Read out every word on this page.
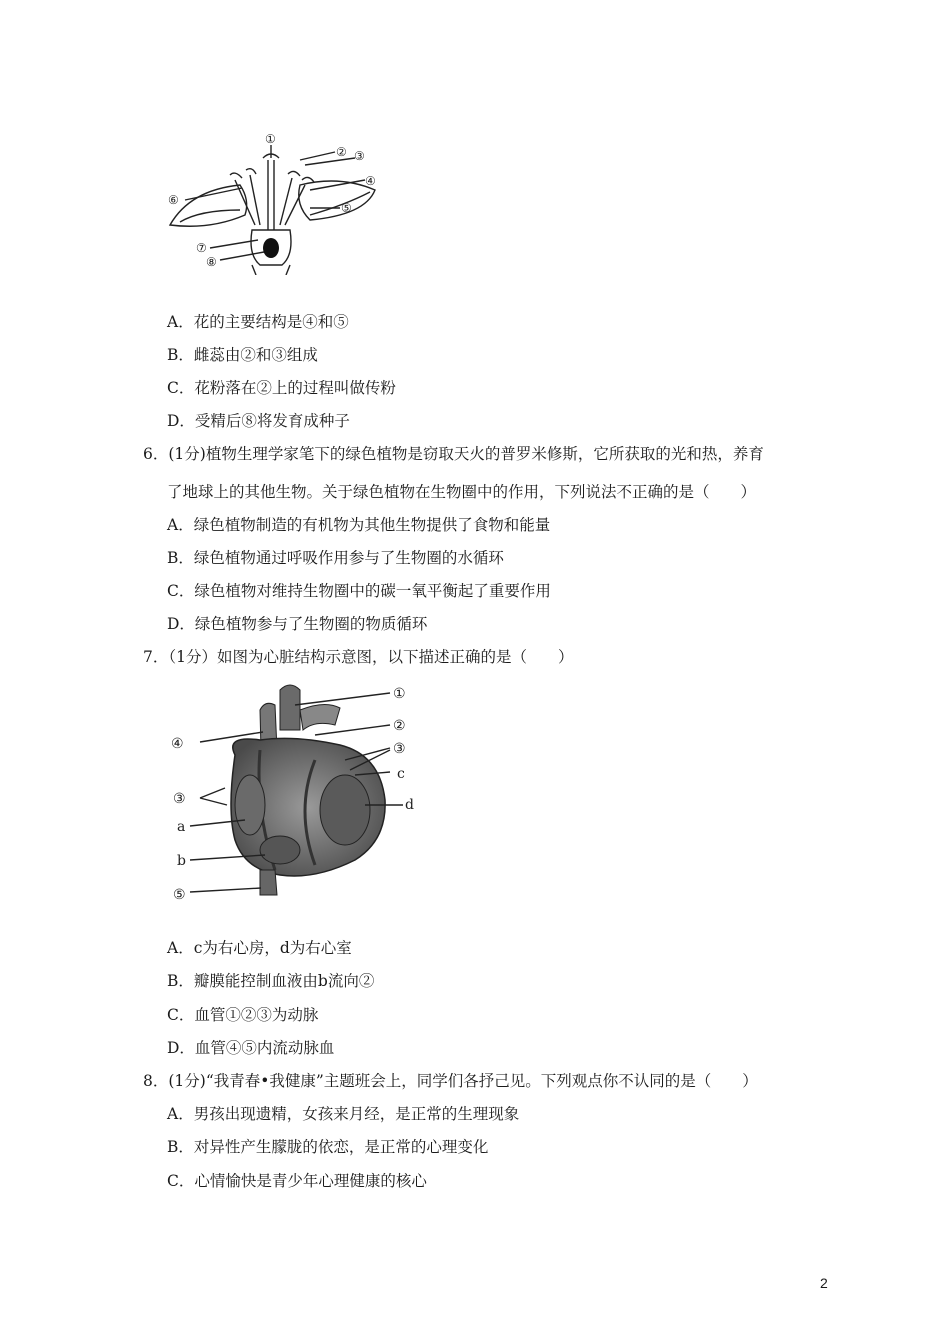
①
② ③
④
⑤
⑥
⑦
⑧
A．花的主要结构是④和⑤
B．雌蕊由②和③组成
C．花粉落在②上的过程叫做传粉
D．受精后⑧将发育成种子
6．(1分)植物生理学家笔下的绿色植物是窃取天火的普罗米修斯，它所获取的光和热，养育
了地球上的其他生物。关于绿色植物在生物圈中的作用，下列说法不正确的是（　　）
A．绿色植物制造的有机物为其他生物提供了食物和能量
B．绿色植物通过呼吸作用参与了生物圈的水循环
C．绿色植物对维持生物圈中的碳一氧平衡起了重要作用
D．绿色植物参与了生物圈的物质循环
7．（1分）如图为心脏结构示意图，以下描述正确的是（　　）
①
②
③
c
d
④
③
a
b
⑤
A．c为右心房，d为右心室
B．瓣膜能控制血液由b流向②
C．血管①②③为动脉
D．血管④⑤内流动脉血
8．(1分)“我青春•我健康”主题班会上，同学们各抒己见。下列观点你不认同的是（　　）
A．男孩出现遗精，女孩来月经，是正常的生理现象
B．对异性产生朦胧的依恋，是正常的心理变化
C．心情愉快是青少年心理健康的核心
2
